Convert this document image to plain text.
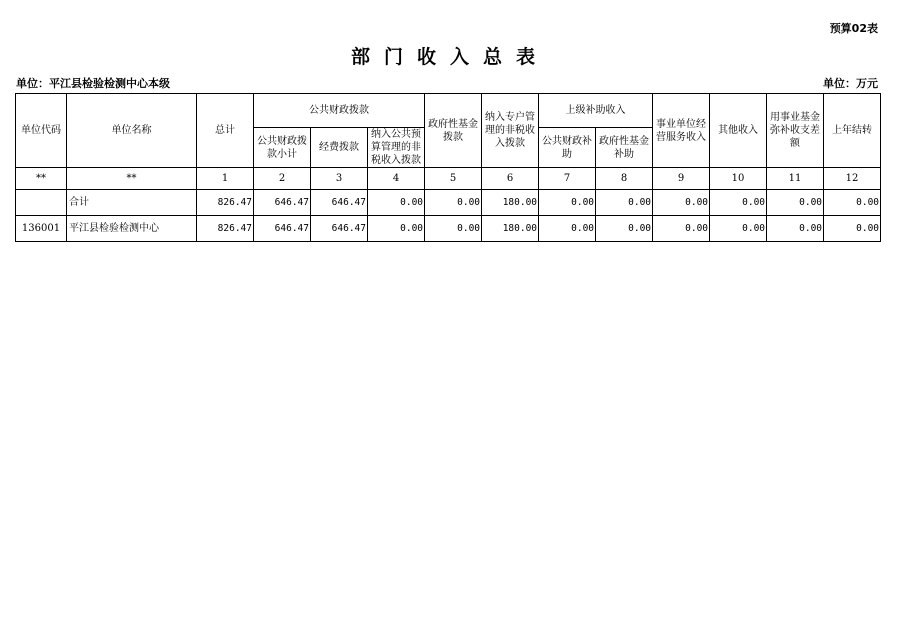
预算02表
部门收入总表
单位：平江县检验检测中心本级	单位：万元
单位代码	单位名称	总计	公共财政拨款			政府性基金拨款	纳入专户管理的非税收入拨款	上级补助收入		事业单位经营服务收入	其他收入	用事业基金弥补收支差额	上年结转
			公共财政拨款小计	经费拨款	纳入公共预算管理的非税收入拨款			公共财政补助	政府性基金补助				
**	**	1	2	3	4	5	6	7	8	9	10	11	12
	合计	826.47	646.47	646.47	0.00	0.00	180.00	0.00	0.00	0.00	0.00	0.00	0.00
136001	平江县检验检测中心	826.47	646.47	646.47	0.00	0.00	180.00	0.00	0.00	0.00	0.00	0.00	0.00
